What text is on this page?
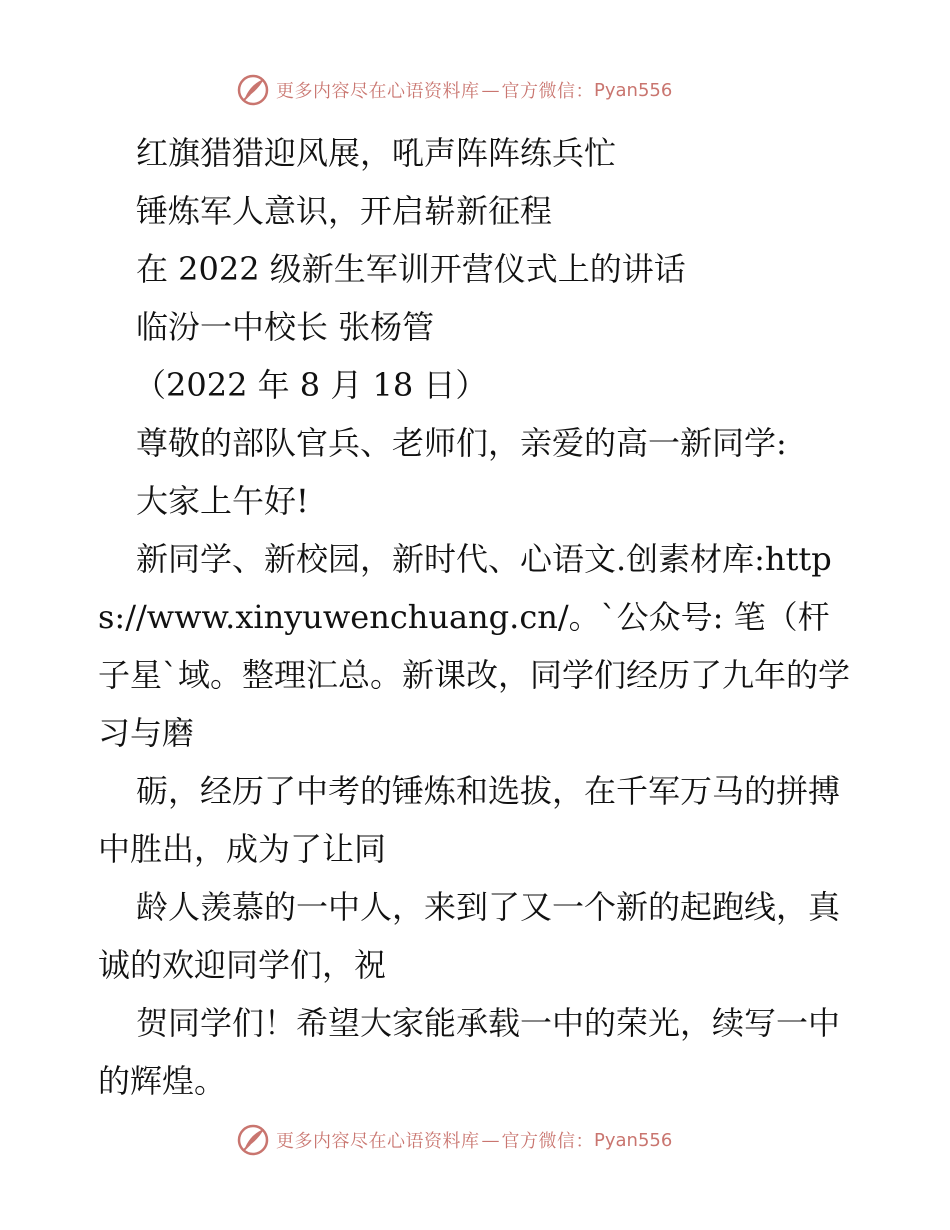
更多内容尽在心语资料库 — 官方微信： Pyan556

红旗猎猎迎风展，吼声阵阵练兵忙

锤炼军人意识，开启崭新征程

在 2022 级新生军训开营仪式上的讲话

临汾一中校长 张杨管

（2022 年 8 月 18 日）

尊敬的部队官兵、老师们，亲爱的高一新同学:

大家上午好!

新同学、新校园，新时代、心语文.创素材库:https://www.xinyuwenchuang.cn/。`公众号: 笔（杆子星`域。整理汇总。新课改，同学们经历了九年的学习与磨

砺，经历了中考的锤炼和选拔，在千军万马的拼搏中胜出，成为了让同

龄人羡慕的一中人，来到了又一个新的起跑线，真诚的欢迎同学们，祝

贺同学们！希望大家能承载一中的荣光，续写一中的辉煌。

更多内容尽在心语资料库 — 官方微信： Pyan556
